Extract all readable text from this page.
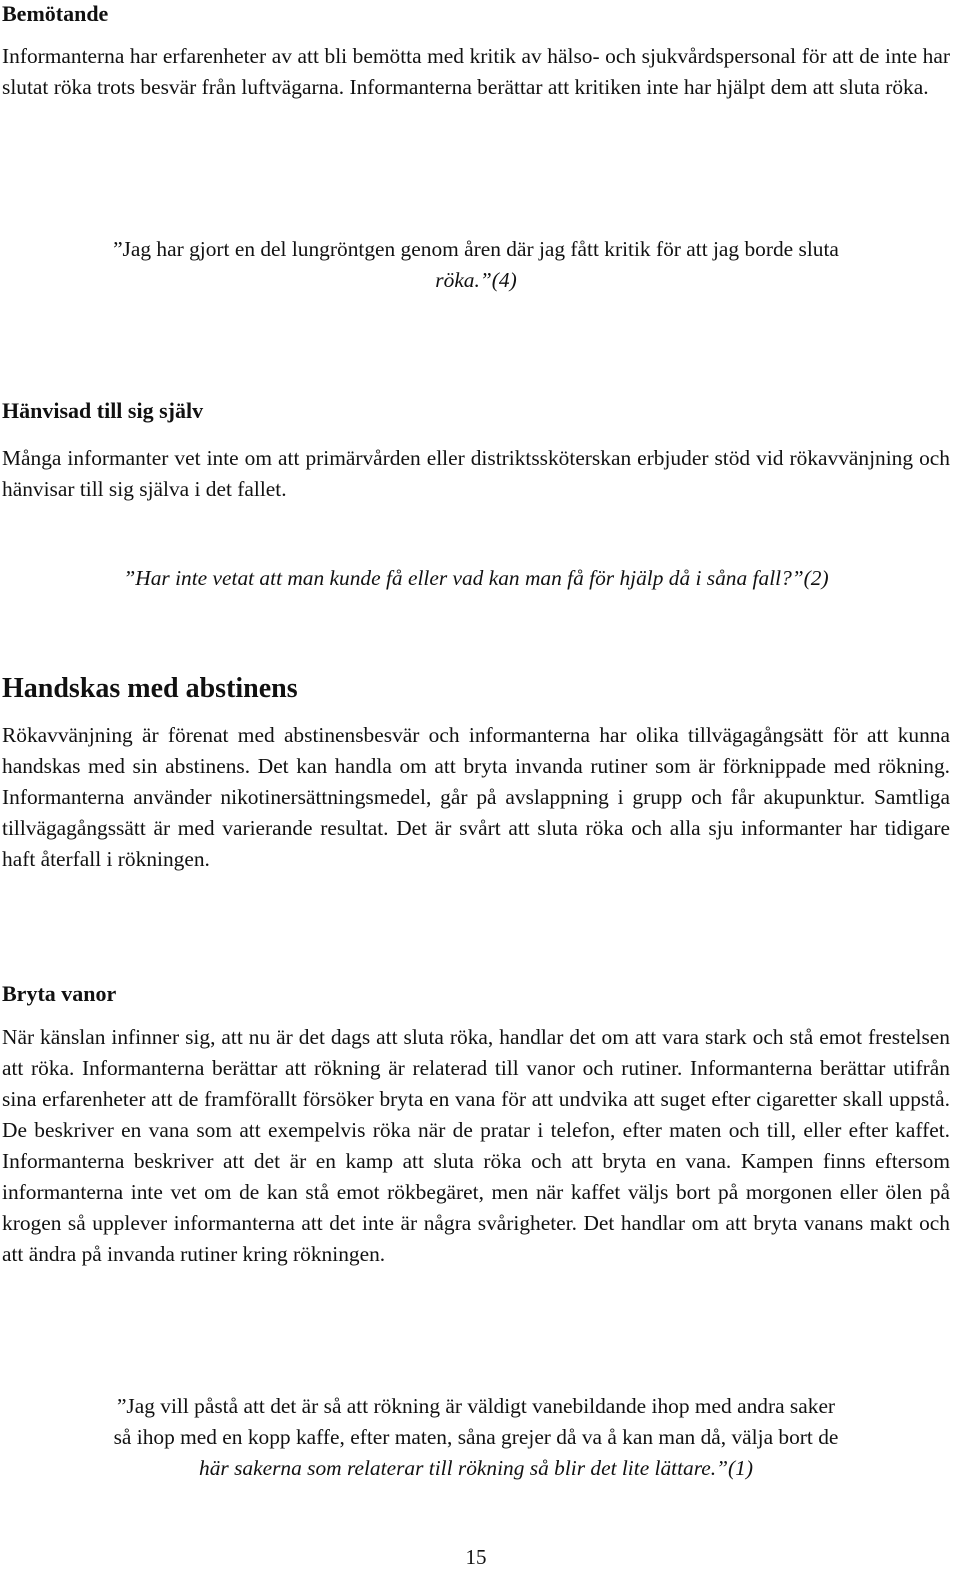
Bemötande

Informanterna har erfarenheter av att bli bemötta med kritik av hälso- och sjukvårdspersonal för att de inte har slutat röka trots besvär från luftvägarna. Informanterna berättar att kritiken inte har hjälpt dem att sluta röka.

”Jag har gjort en del lungröntgen genom åren där jag fått kritik för att jag borde sluta

röka.”(4)

Hänvisad till sig själv

Många informanter vet inte om att primärvården eller distriktssköterskan erbjuder stöd vid rökavvänjning och hänvisar till sig själva i det fallet.

”Har inte vetat att man kunde få eller vad kan man få för hjälp då i såna fall?”(2)

Handskas med abstinens

Rökavvänjning är förenat med abstinensbesvär och informanterna har olika tillvägagångsätt för att kunna handskas med sin abstinens. Det kan handla om att bryta invanda rutiner som är förknippade med rökning. Informanterna använder nikotinersättningsmedel, går på avslappning i grupp och får akupunktur. Samtliga tillvägagångssätt är med varierande resultat. Det är svårt att sluta röka och alla sju informanter har tidigare haft återfall i rökningen.

Bryta vanor

När känslan infinner sig, att nu är det dags att sluta röka, handlar det om att vara stark och stå emot frestelsen att röka. Informanterna berättar att rökning är relaterad till vanor och rutiner. Informanterna berättar utifrån sina erfarenheter att de framförallt försöker bryta en vana för att undvika att suget efter cigaretter skall uppstå. De beskriver en vana som att exempelvis röka när de pratar i telefon, efter maten och till, eller efter kaffet. Informanterna beskriver att det är en kamp att sluta röka och att bryta en vana. Kampen finns eftersom informanterna inte vet om de kan stå emot rökbegäret, men när kaffet väljs bort på morgonen eller ölen på krogen så upplever informanterna att det inte är några svårigheter. Det handlar om att bryta vanans makt och att ändra på invanda rutiner kring rökningen.

”Jag vill påstå att det är så att rökning är väldigt vanebildande ihop med andra saker

så ihop med en kopp kaffe, efter maten, såna grejer då va å kan man då, välja bort de

här sakerna som relaterar till rökning så blir det lite lättare.”(1)

15
